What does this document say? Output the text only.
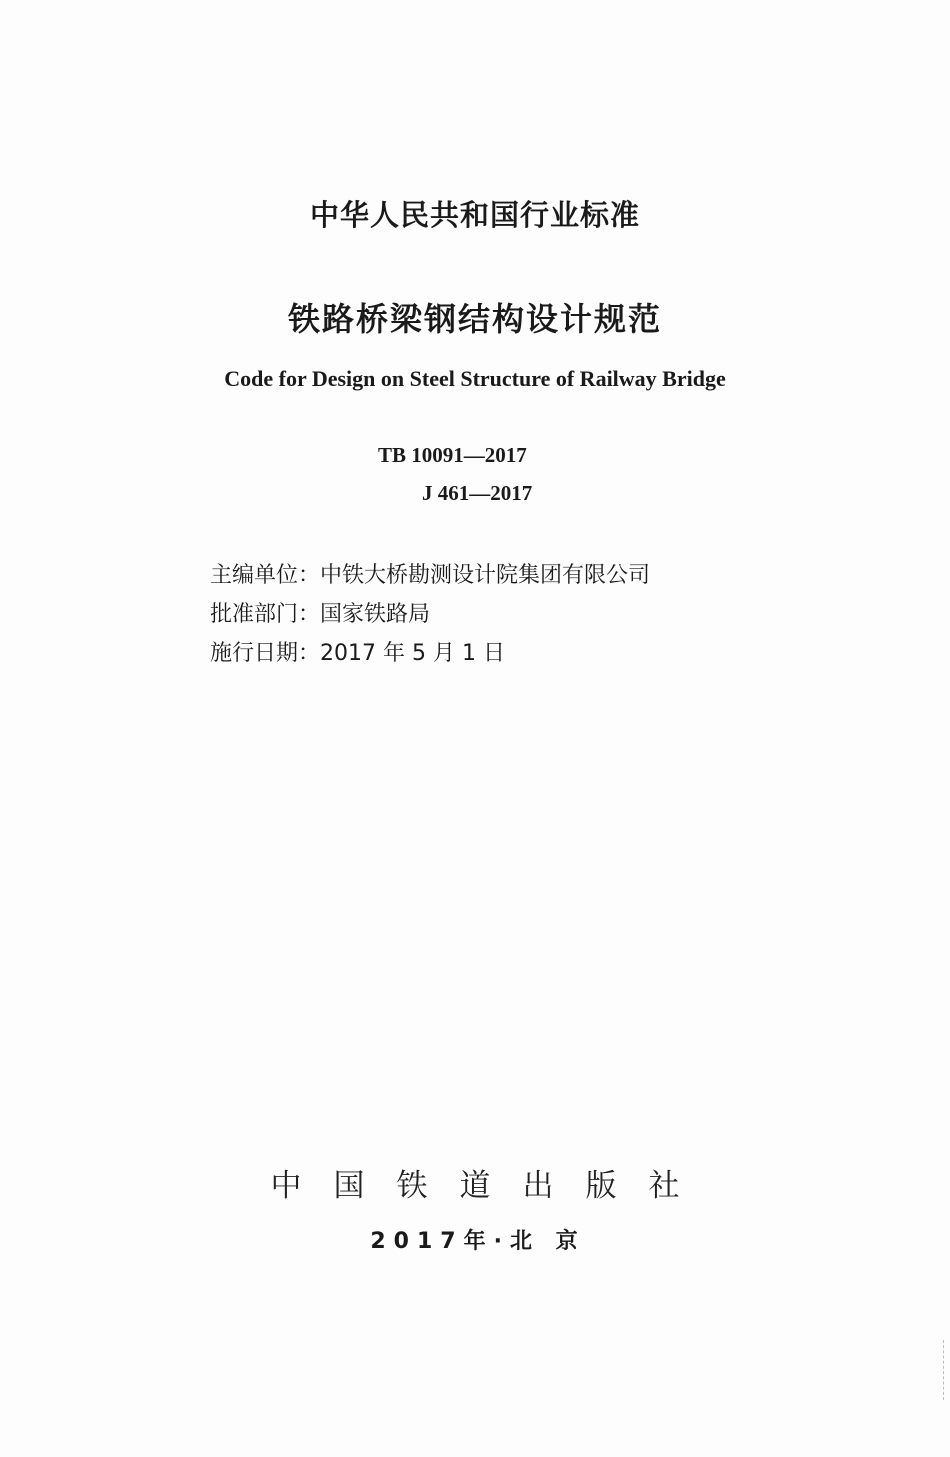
中华人民共和国行业标准
铁路桥梁钢结构设计规范
Code for Design on Steel Structure of Railway Bridge
TB 10091—2017
J 461—2017
主编单位：中铁大桥勘测设计院集团有限公司
批准部门：国家铁路局
施行日期：2017 年 5 月 1 日
中国铁道出版社
2017年·北 京
